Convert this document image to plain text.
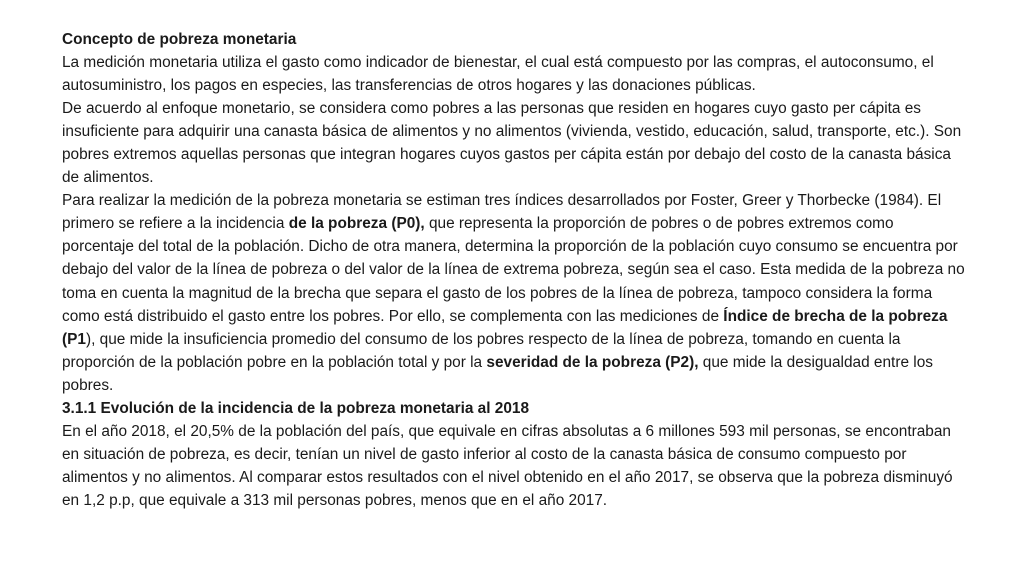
Concepto de pobreza monetaria

La medición monetaria utiliza el gasto como indicador de bienestar, el cual está compuesto por las compras, el autoconsumo, el autosuministro, los pagos en especies, las transferencias de otros hogares y las donaciones públicas.

De acuerdo al enfoque monetario, se considera como pobres a las personas que residen en hogares cuyo gasto per cápita es insuficiente para adquirir una canasta básica de alimentos y no alimentos (vivienda, vestido, educación, salud, transporte, etc.). Son pobres extremos aquellas personas que integran hogares cuyos gastos per cápita están por debajo del costo de la canasta básica de alimentos.

Para realizar la medición de la pobreza monetaria se estiman tres índices desarrollados por Foster, Greer y Thorbecke (1984). El primero se refiere a la incidencia de la pobreza (P0), que representa la proporción de pobres o de pobres extremos como porcentaje del total de la población. Dicho de otra manera, determina la proporción de la población cuyo consumo se encuentra por debajo del valor de la línea de pobreza o del valor de la línea de extrema pobreza, según sea el caso. Esta medida de la pobreza no toma en cuenta la magnitud de la brecha que separa el gasto de los pobres de la línea de pobreza, tampoco considera la forma como está distribuido el gasto entre los pobres. Por ello, se complementa con las mediciones de Índice de brecha de la pobreza (P1), que mide la insuficiencia promedio del consumo de los pobres respecto de la línea de pobreza, tomando en cuenta la proporción de la población pobre en la población total y por la severidad de la pobreza (P2), que mide la desigualdad entre los pobres.

3.1.1 Evolución de la incidencia de la pobreza monetaria al 2018

En el año 2018, el 20,5% de la población del país, que equivale en cifras absolutas a 6 millones 593 mil personas, se encontraban en situación de pobreza, es decir, tenían un nivel de gasto inferior al costo de la canasta básica de consumo compuesto por alimentos y no alimentos. Al comparar estos resultados con el nivel obtenido en el año 2017, se observa que la pobreza disminuyó en 1,2 p.p, que equivale a 313 mil personas pobres, menos que en el año 2017.
